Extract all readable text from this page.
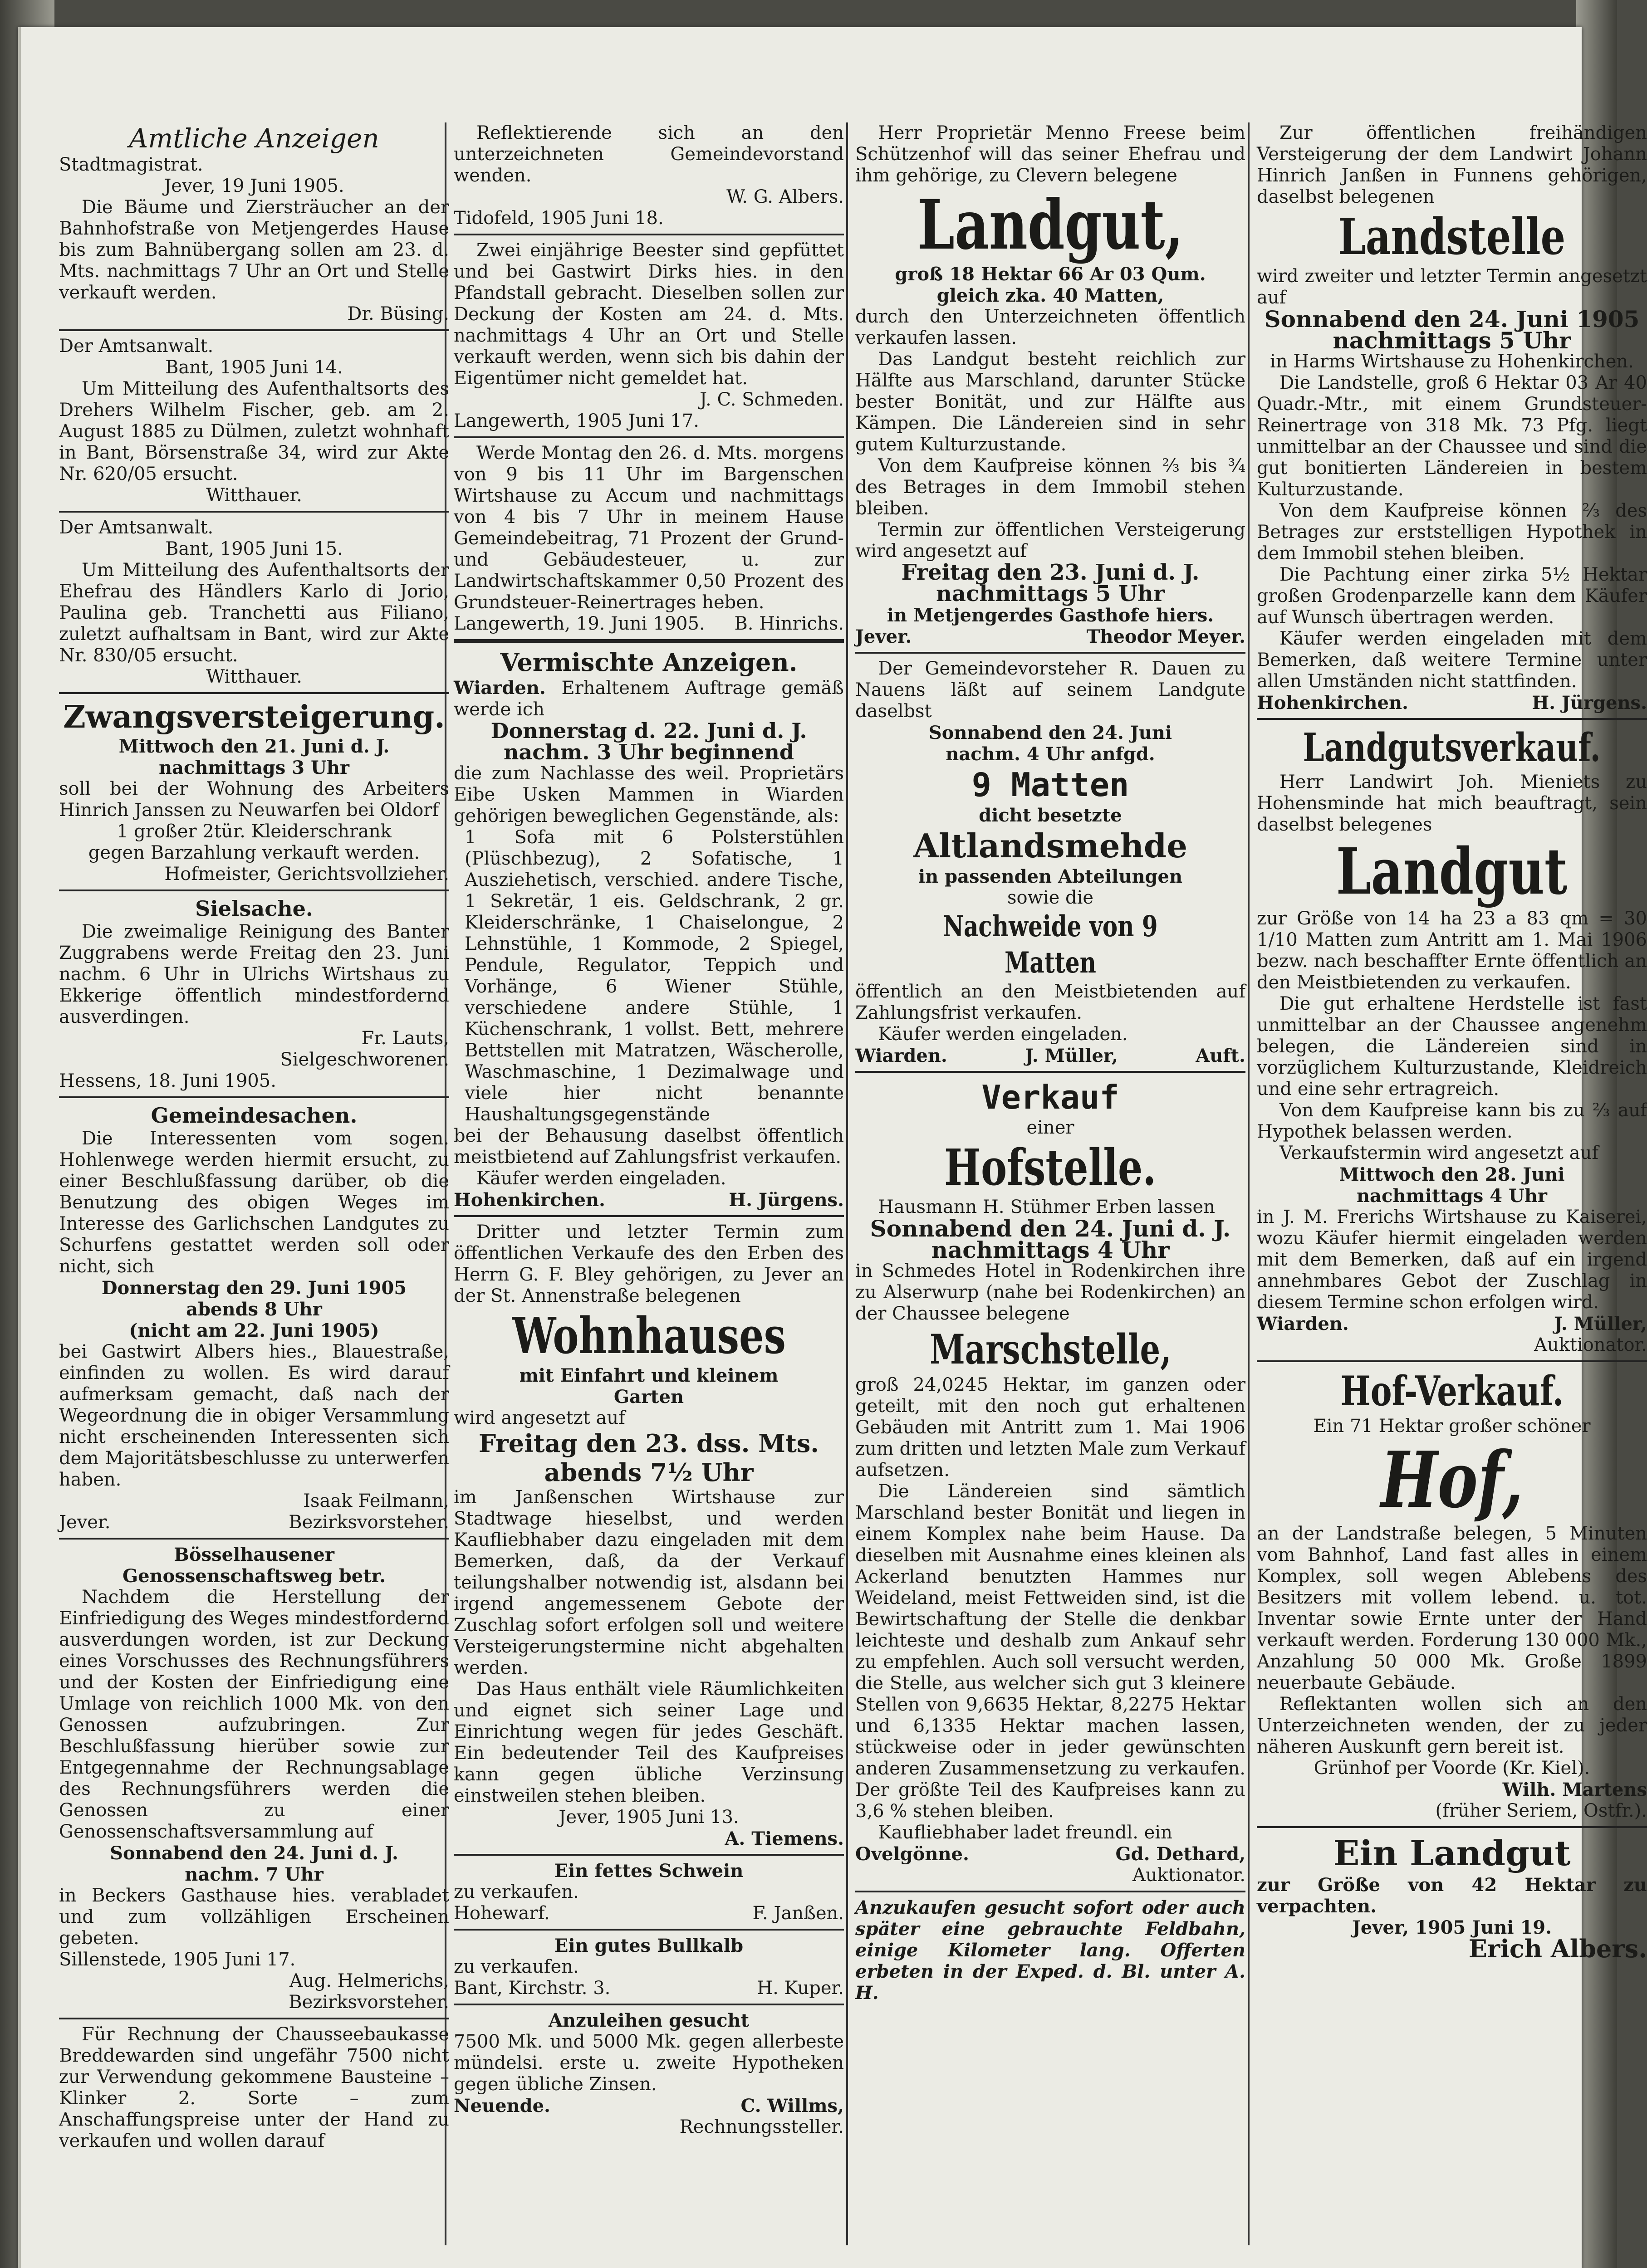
Amtliche Anzeigen
Stadtmagistrat.
Jever, 19 Juni 1905.

Die Bäume und Ziersträucher an der Bahnhofstraße von Metjengerdes Hause bis zum Bahnübergang sollen am 23. d. Mts. nachmittags 7 Uhr an Ort und Stelle verkauft werden.

Dr. Büsing.
Der Amtsanwalt.
Bant, 1905 Juni 14.

Um Mitteilung des Aufenthaltsorts des Drehers Wilhelm Fischer, geb. am 2. August 1885 zu Dülmen, zuletzt wohnhaft in Bant, Börsenstraße 34, wird zur Akte Nr. 620/05 ersucht.

Witthauer.
Der Amtsanwalt.
Bant, 1905 Juni 15.

Um Mitteilung des Aufenthaltsorts der Ehefrau des Händlers Karlo di Jorio, Paulina geb. Tranchetti aus Filiano, zuletzt aufhaltsam in Bant, wird zur Akte Nr. 830/05 ersucht.

Witthauer.
Zwangsversteigerung.
Mittwoch den 21. Juni d. J.
nachmittags 3 Uhr
soll bei der Wohnung des Arbeiters Hinrich Janssen zu Neuwarfen bei Oldorf
1 großer 2tür. Kleiderschrank
gegen Barzahlung verkauft werden.
Hofmeister, Gerichtsvollzieher.
Sielsache.

Die zweimalige Reinigung des Banter Zuggrabens werde Freitag den 23. Juni nachm. 6 Uhr in Ulrichs Wirtshaus zu Ekkerige öffentlich mindestfordernd ausverdingen.

Fr. Lauts,
Sielgeschworener.
Hessens, 18. Juni 1905.
Gemeindesachen.

Die Interessenten vom sogen. Hohlenwege werden hiermit ersucht, zu einer Beschlußfassung darüber, ob die Benutzung des obigen Weges im Interesse des Garlichschen Landgutes zu Schurfens gestattet werden soll oder nicht, sich

Donnerstag den 29. Juni 1905
abends 8 Uhr
(nicht am 22. Juni 1905)
bei Gastwirt Albers hies., Blauestraße, einfinden zu wollen. Es wird darauf aufmerksam gemacht, daß nach der Wegeordnung die in obiger Versammlung nicht erscheinenden Interessenten sich dem Majoritätsbeschlusse zu unterwerfen haben.
Isaak Feilmann,
Jever.	Bezirksvorsteher.
Bösselhausener
Genossenschaftsweg betr.

Nachdem die Herstellung der Einfriedigung des Weges mindestfordernd ausverdungen worden, ist zur Deckung eines Vorschusses des Rechnungsführers und der Kosten der Einfriedigung eine Umlage von reichlich 1000 Mk. von den Genossen aufzubringen. Zur Beschlußfassung hierüber sowie zur Entgegennahme der Rechnungsablage des Rechnungsführers werden die Genossen zu einer Genossenschaftsversammlung auf

Sonnabend den 24. Juni d. J.
nachm. 7 Uhr
in Beckers Gasthause hies. verabladet und zum vollzähligen Erscheinen gebeten.
Sillenstede, 1905 Juni 17.
Aug. Helmerichs,
Bezirksvorsteher.

Für Rechnung der Chausseebaukasse Breddewarden sind ungefähr 7500 nicht zur Verwendung gekommene Bausteine – Klinker 2. Sorte – zum Anschaffungspreise unter der Hand zu verkaufen und wollen darauf

Reflektierende sich an den unterzeichneten Gemeindevorstand wenden.

W. G. Albers.
Tidofeld, 1905 Juni 18.

Zwei einjährige Beester sind gepfüttet und bei Gastwirt Dirks hies. in den Pfandstall gebracht. Dieselben sollen zur Deckung der Kosten am 24. d. Mts. nachmittags 4 Uhr an Ort und Stelle verkauft werden, wenn sich bis dahin der Eigentümer nicht gemeldet hat.

J. C. Schmeden.
Langewerth, 1905 Juni 17.

Werde Montag den 26. d. Mts. morgens von 9 bis 11 Uhr im Bargenschen Wirtshause zu Accum und nachmittags von 4 bis 7 Uhr in meinem Hause Gemeindebeitrag, 71 Prozent der Grund- und Gebäudesteuer, u. zur Landwirtschaftskammer 0,50 Prozent des Grundsteuer-Reinertrages heben.

Langewerth, 19. Juni 1905. B. Hinrichs.
Vermischte Anzeigen.
Wiarden. Erhaltenem Auftrage gemäß werde ich
Donnerstag d. 22. Juni d. J.
nachm. 3 Uhr beginnend
die zum Nachlasse des weil. Proprietärs Eibe Usken Mammen in Wiarden gehörigen beweglichen Gegenstände, als:
1 Sofa mit 6 Polsterstühlen (Plüschbezug), 2 Sofatische, 1 Ausziehetisch, verschied. andere Tische, 1 Sekretär, 1 eis. Geldschrank, 2 gr. Kleiderschränke, 1 Chaiselongue, 2 Lehnstühle, 1 Kommode, 2 Spiegel, Pendule, Regulator, Teppich und Vorhänge, 6 Wiener Stühle, verschiedene andere Stühle, 1 Küchenschrank, 1 vollst. Bett, mehrere Bettstellen mit Matratzen, Wäscherolle, Waschmaschine, 1 Dezimalwage und viele hier nicht benannte Haushaltungsgegenstände
bei der Behausung daselbst öffentlich meistbietend auf Zahlungsfrist verkaufen.

Käufer werden eingeladen.

Hohenkirchen.	H. Jürgens.

Dritter und letzter Termin zum öffentlichen Verkaufe des den Erben des Herrn G. F. Bley gehörigen, zu Jever an der St. Annenstraße belegenen

Wohnhauses
mit Einfahrt und kleinem
Garten
wird angesetzt auf
Freitag den 23. dss. Mts.
abends 7½ Uhr
im Janßenschen Wirtshause zur Stadtwage hieselbst, und werden Kaufliebhaber dazu eingeladen mit dem Bemerken, daß, da der Verkauf teilungshalber notwendig ist, alsdann bei irgend angemessenem Gebote der Zuschlag sofort erfolgen soll und weitere Versteigerungstermine nicht abgehalten werden.

Das Haus enthält viele Räumlichkeiten und eignet sich seiner Lage und Einrichtung wegen für jedes Geschäft. Ein bedeutender Teil des Kaufpreises kann gegen übliche Verzinsung einstweilen stehen bleiben.

Jever, 1905 Juni 13.
A. Tiemens.
Ein fettes Schwein
zu verkaufen.
Hohewarf.	F. Janßen.
Ein gutes Bullkalb
zu verkaufen.
Bant, Kirchstr. 3.	H. Kuper.
Anzuleihen gesucht
7500 Mk. und 5000 Mk. gegen allerbeste mündelsi. erste u. zweite Hypotheken gegen übliche Zinsen.
Neuende.	C. Willms,
Rechnungssteller.

Herr Proprietär Menno Freese beim Schützenhof will das seiner Ehefrau und ihm gehörige, zu Clevern belegene

Landgut,
groß 18 Hektar 66 Ar 03 Qum.
gleich zka. 40 Matten,
durch den Unterzeichneten öffentlich verkaufen lassen.

Das Landgut besteht reichlich zur Hälfte aus Marschland, darunter Stücke bester Bonität, und zur Hälfte aus Kämpen. Die Ländereien sind in sehr gutem Kulturzustande.

Von dem Kaufpreise können ⅔ bis ¾ des Betrages in dem Immobil stehen bleiben.

Termin zur öffentlichen Versteigerung wird angesetzt auf

Freitag den 23. Juni d. J.
nachmittags 5 Uhr
in Metjengerdes Gasthofe hiers.
Jever.	Theodor Meyer.

Der Gemeindevorsteher R. Dauen zu Nauens läßt auf seinem Landgute daselbst

Sonnabend den 24. Juni
nachm. 4 Uhr anfgd.
9 Matten
dicht besetzte
Altlandsmehde
in passenden Abteilungen
sowie die
Nachweide von 9 Matten
öffentlich an den Meistbietenden auf Zahlungsfrist verkaufen.

Käufer werden eingeladen.

Wiarden.	J. Müller,	Auft.
Verkauf
einer
Hofstelle.

Hausmann H. Stühmer Erben lassen

Sonnabend den 24. Juni d. J.
nachmittags 4 Uhr
in Schmedes Hotel in Rodenkirchen ihre zu Alserwurp (nahe bei Rodenkirchen) an der Chaussee belegene
Marschstelle,
groß 24,0245 Hektar, im ganzen oder geteilt, mit den noch gut erhaltenen Gebäuden mit Antritt zum 1. Mai 1906 zum dritten und letzten Male zum Verkauf aufsetzen.

Die Ländereien sind sämtlich Marschland bester Bonität und liegen in einem Komplex nahe beim Hause. Da dieselben mit Ausnahme eines kleinen als Ackerland benutzten Hammes nur Weideland, meist Fettweiden sind, ist die Bewirtschaftung der Stelle die denkbar leichteste und deshalb zum Ankauf sehr zu empfehlen. Auch soll versucht werden, die Stelle, aus welcher sich gut 3 kleinere Stellen von 9,6635 Hektar, 8,2275 Hektar und 6,1335 Hektar machen lassen, stückweise oder in jeder gewünschten anderen Zusammensetzung zu verkaufen. Der größte Teil des Kaufpreises kann zu 3,6 % stehen bleiben.

Kaufliebhaber ladet freundl. ein

Ovelgönne.	Gd. Dethard,
Auktionator.
Anzukaufen gesucht sofort oder auch später eine gebrauchte Feldbahn, einige Kilometer lang. Offerten erbeten in der Exped. d. Bl. unter A. H.

Zur öffentlichen freihändigen Versteigerung der dem Landwirt Johann Hinrich Janßen in Funnens gehörigen, daselbst belegenen

Landstelle
wird zweiter und letzter Termin angesetzt auf
Sonnabend den 24. Juni 1905
nachmittags 5 Uhr
in Harms Wirtshause zu Hohenkirchen.

Die Landstelle, groß 6 Hektar 03 Ar 40 Quadr.-Mtr., mit einem Grundsteuer-Reinertrage von 318 Mk. 73 Pfg. liegt unmittelbar an der Chaussee und sind die gut bonitierten Ländereien in bestem Kulturzustande.

Von dem Kaufpreise können ⅔ des Betrages zur erststelligen Hypothek in dem Immobil stehen bleiben.

Die Pachtung einer zirka 5½ Hektar großen Grodenparzelle kann dem Käufer auf Wunsch übertragen werden.

Käufer werden eingeladen mit dem Bemerken, daß weitere Termine unter allen Umständen nicht stattfinden.

Hohenkirchen.	H. Jürgens.
Landgutsverkauf.

Herr Landwirt Joh. Mieniets zu Hohensminde hat mich beauftragt, sein daselbst belegenes

Landgut
zur Größe von 14 ha 23 a 83 qm = 30 1/10 Matten zum Antritt am 1. Mai 1906 bezw. nach beschaffter Ernte öffentlich an den Meistbietenden zu verkaufen.

Die gut erhaltene Herdstelle ist fast unmittelbar an der Chaussee angenehm belegen, die Ländereien sind in vorzüglichem Kulturzustande, Kleidreich und eine sehr ertragreich.

Von dem Kaufpreise kann bis zu ⅔ auf Hypothek belassen werden.

Verkaufstermin wird angesetzt auf

Mittwoch den 28. Juni
nachmittags 4 Uhr
in J. M. Frerichs Wirtshause zu Kaiserei, wozu Käufer hiermit eingeladen werden mit dem Bemerken, daß auf ein irgend annehmbares Gebot der Zuschlag in diesem Termine schon erfolgen wird.
Wiarden.	J. Müller,
Auktionator.
Hof-Verkauf.
Ein 71 Hektar großer schöner
Hof,
an der Landstraße belegen, 5 Minuten vom Bahnhof, Land fast alles in einem Komplex, soll wegen Ablebens des Besitzers mit vollem lebend. u. tot. Inventar sowie Ernte unter der Hand verkauft werden. Forderung 130 000 Mk., Anzahlung 50 000 Mk. Große 1899 neuerbaute Gebäude.

Reflektanten wollen sich an den Unterzeichneten wenden, der zu jeder näheren Auskunft gern bereit ist.

Grünhof per Voorde (Kr. Kiel).
Wilh. Martens
(früher Seriem, Ostfr.).
Ein Landgut
zur Größe von 42 Hektar zu verpachten.
Jever, 1905 Juni 19.
Erich Albers.
